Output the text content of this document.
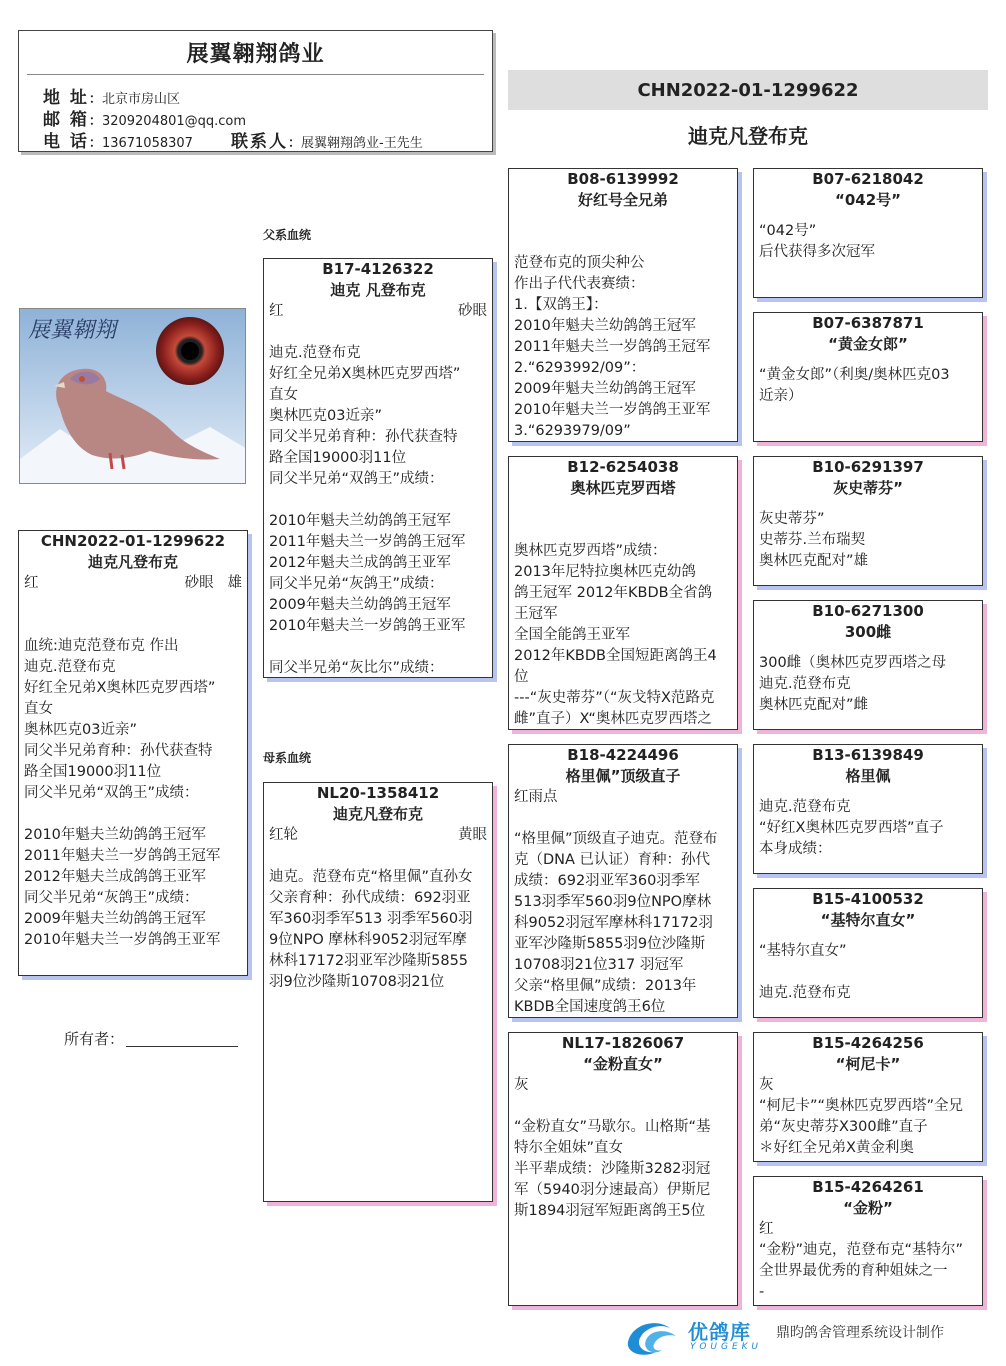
展翼翱翔鸽业
地 址：北京市房山区
邮 箱：3209204801@qq.com
电 话：13671058307 联系人：展翼翱翔鸽业-王先生
CHN2022-01-1299622
迪克凡登布克
父系血统
母系血统
展翼翱翔
CHN2022-01-1299622
迪克凡登布克
红	砂眼 雄
血统:迪克范登布克 作出
迪克.范登布克
好红全兄弟X奥林匹克罗西塔”
直女
奥林匹克03近亲”
同父半兄弟育种：孙代获查特
路全国19000羽11位
同父半兄弟“双鸽王”成绩：
2010年魁夫兰幼鸽鸽王冠军
2011年魁夫兰一岁鸽鸽王冠军
2012年魁夫兰成鸽鸽王亚军
同父半兄弟“灰鸽王”成绩：
2009年魁夫兰幼鸽鸽王冠军
2010年魁夫兰一岁鸽鸽王亚军
所有者：
B17-4126322
迪克 凡登布克
红	砂眼
迪克.范登布克
好红全兄弟X奥林匹克罗西塔”
直女
奥林匹克03近亲”
同父半兄弟育种：孙代获查特
路全国19000羽11位
同父半兄弟“双鸽王”成绩：
2010年魁夫兰幼鸽鸽王冠军
2011年魁夫兰一岁鸽鸽王冠军
2012年魁夫兰成鸽鸽王亚军
同父半兄弟“灰鸽王”成绩：
2009年魁夫兰幼鸽鸽王冠军
2010年魁夫兰一岁鸽鸽王亚军
同父半兄弟“灰比尔”成绩：
NL20-1358412
迪克凡登布克
红轮	黄眼
迪克。范登布克“格里佩”直孙女
父亲育种：孙代成绩：692羽亚
军360羽季军513 羽季军560羽
9位NPO 摩林科9052羽冠军摩
林科17172羽亚军沙隆斯5855
羽9位沙隆斯10708羽21位
B08-6139992
好红号全兄弟
范登布克的顶尖种公
作出子代代表赛绩：
1.【双鸽王】：
2010年魁夫兰幼鸽鸽王冠军
2011年魁夫兰一岁鸽鸽王冠军
2.“6293992/09”：
2009年魁夫兰幼鸽鸽王冠军
2010年魁夫兰一岁鸽鸽王亚军
3.“6293979/09”
B12-6254038
奥林匹克罗西塔
奥林匹克罗西塔”成绩：
2013年尼特拉奥林匹克幼鸽
鸽王冠军 2012年KBDB全省鸽
王冠军
全国全能鸽王亚军
2012年KBDB全国短距离鸽王4
位
---“灰史蒂芬”（“灰戈特X范路克
雌”直子）X“奥林匹克罗西塔之
B18-4224496
格里佩”顶级直子
红雨点
“格里佩”顶级直子迪克。范登布
克（DNA 已认证）育种：孙代
成绩：692羽亚军360羽季军
513羽季军560羽9位NPO摩林
科9052羽冠军摩林科17172羽
亚军沙隆斯5855羽9位沙隆斯
10708羽21位317 羽冠军
父亲“格里佩”成绩：2013年
KBDB全国速度鸽王6位
NL17-1826067
“金粉直女”
灰
“金粉直女”马歇尔。山格斯“基
特尔全姐妹”直女
半平辈成绩：沙隆斯3282羽冠
军（5940羽分速最高）伊斯尼
斯1894羽冠军短距离鸽王5位
B07-6218042
“042号”
“042号”
后代获得多次冠军
B07-6387871
“黄金女郎”
“黄金女郎”（利奥/奥林匹克03
近亲）
B10-6291397
灰史蒂芬”
灰史蒂芬”
史蒂芬.兰布瑞契
奥林匹克配对”雄
B10-6271300
300雌
300雌（奥林匹克罗西塔之母
迪克.范登布克
奥林匹克配对”雌
B13-6139849
格里佩
迪克.范登布克
“好红X奥林匹克罗西塔”直子
本身成绩：
B15-4100532
“基特尔直女”
“基特尔直女”
迪克.范登布克
B15-4264256
“柯尼卡”
灰
“柯尼卡”“奥林匹克罗西塔”全兄
弟“灰史蒂芬X300雌”直子
＊好红全兄弟X黄金利奥
B15-4264261
“金粉”
红
“金粉”迪克，范登布克“基特尔”
全世界最优秀的育种姐妹之一
-
优鸽库
YOUGEKU
鼎昀鸽舍管理系统设计制作
